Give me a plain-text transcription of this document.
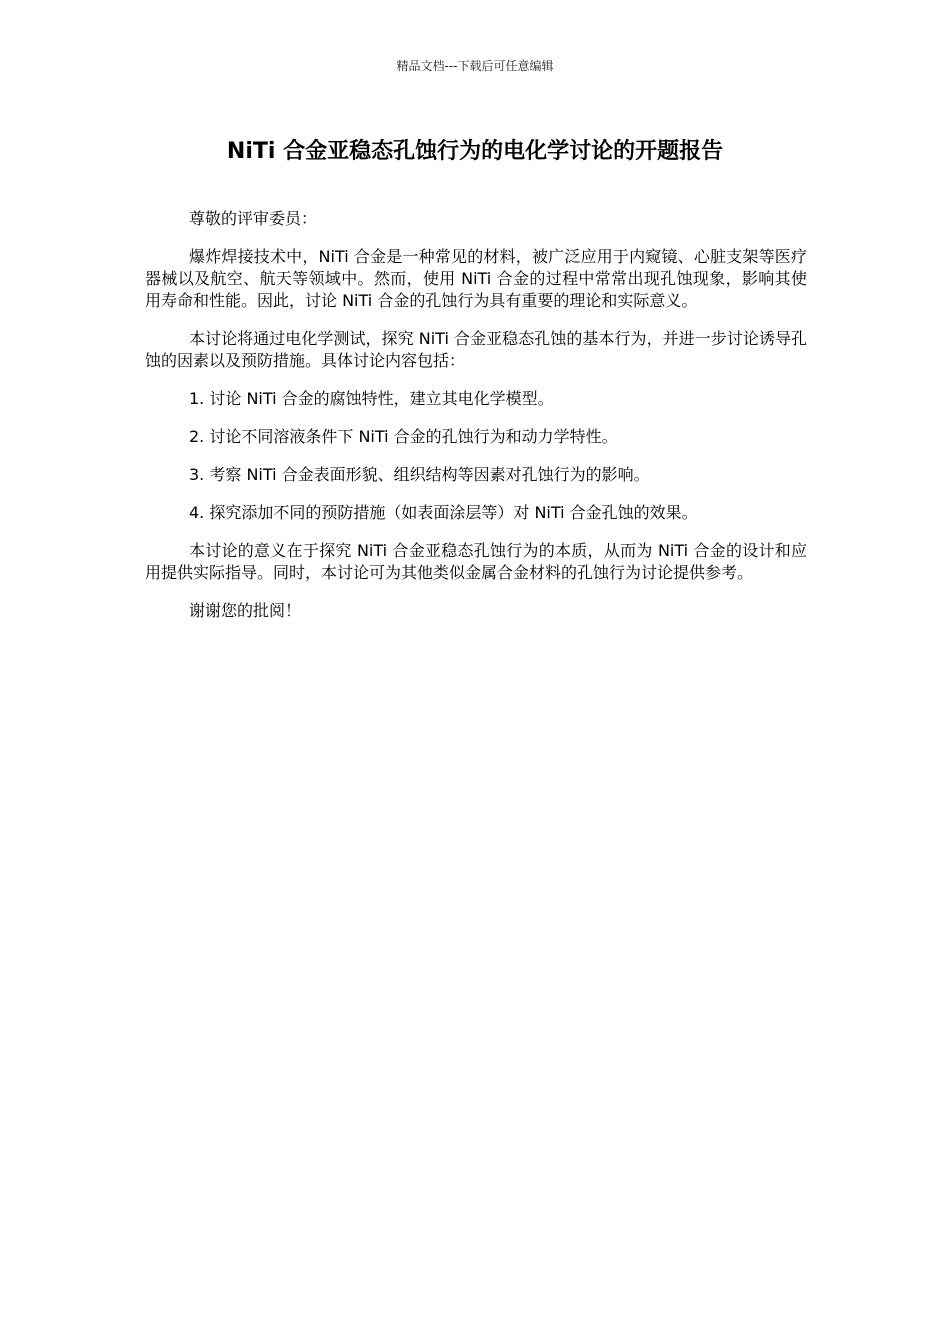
精品文档---下载后可任意编辑
NiTi 合金亚稳态孔蚀行为的电化学讨论的开题报告

尊敬的评审委员：

爆炸焊接技术中，NiTi 合金是一种常见的材料，被广泛应用于内窥镜、心脏支架等医疗器械以及航空、航天等领域中。然而，使用 NiTi 合金的过程中常常出现孔蚀现象，影响其使用寿命和性能。因此，讨论 NiTi 合金的孔蚀行为具有重要的理论和实际意义。

本讨论将通过电化学测试，探究 NiTi 合金亚稳态孔蚀的基本行为，并进一步讨论诱导孔蚀的因素以及预防措施。具体讨论内容包括：

1. 讨论 NiTi 合金的腐蚀特性，建立其电化学模型。

2. 讨论不同溶液条件下 NiTi 合金的孔蚀行为和动力学特性。

3. 考察 NiTi 合金表面形貌、组织结构等因素对孔蚀行为的影响。

4. 探究添加不同的预防措施（如表面涂层等）对 NiTi 合金孔蚀的效果。

本讨论的意义在于探究 NiTi 合金亚稳态孔蚀行为的本质，从而为 NiTi 合金的设计和应用提供实际指导。同时，本讨论可为其他类似金属合金材料的孔蚀行为讨论提供参考。

谢谢您的批阅！
